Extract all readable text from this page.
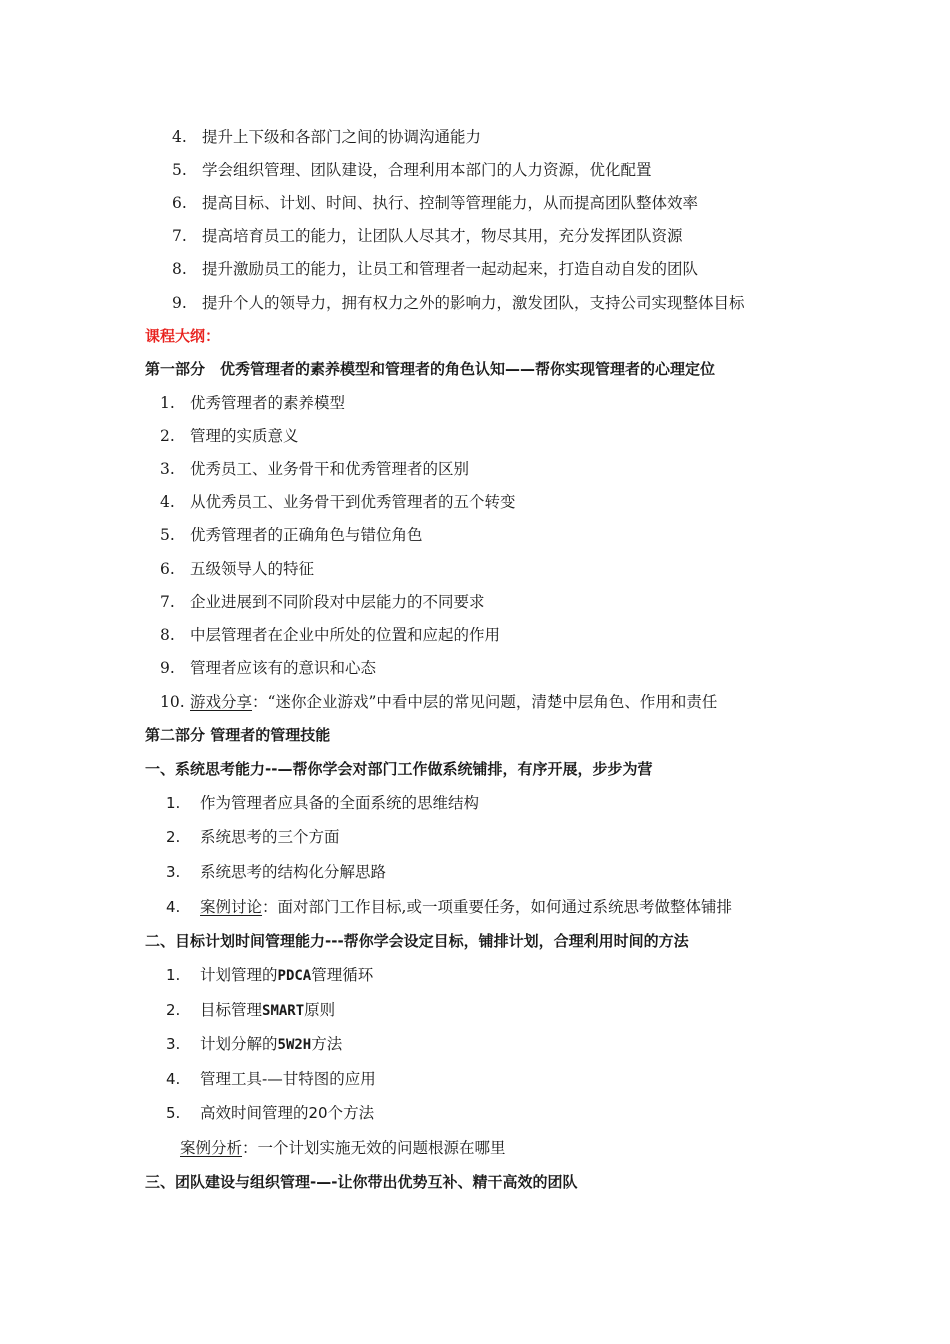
4. 提升上下级和各部门之间的协调沟通能力
5. 学会组织管理、团队建设，合理利用本部门的人力资源，优化配置
6. 提高目标、计划、时间、执行、控制等管理能力，从而提高团队整体效率
7. 提高培育员工的能力，让团队人尽其才，物尽其用，充分发挥团队资源
8. 提升激励员工的能力，让员工和管理者一起动起来，打造自动自发的团队
9. 提升个人的领导力，拥有权力之外的影响力，激发团队，支持公司实现整体目标
课程大纲：
第一部分　优秀管理者的素养模型和管理者的角色认知——帮你实现管理者的心理定位
1. 优秀管理者的素养模型
2. 管理的实质意义
3. 优秀员工、业务骨干和优秀管理者的区别
4. 从优秀员工、业务骨干到优秀管理者的五个转变
5. 优秀管理者的正确角色与错位角色
6. 五级领导人的特征
7. 企业进展到不同阶段对中层能力的不同要求
8. 中层管理者在企业中所处的位置和应起的作用
9. 管理者应该有的意识和心态
10. 游戏分享：“迷你企业游戏”中看中层的常见问题，清楚中层角色、作用和责任
第二部分 管理者的管理技能
一、系统思考能力--—帮你学会对部门工作做系统铺排，有序开展，步步为营
1. 作为管理者应具备的全面系统的思维结构
2. 系统思考的三个方面
3. 系统思考的结构化分解思路
4. 案例讨论：面对部门工作目标,或一项重要任务，如何通过系统思考做整体铺排
二、目标计划时间管理能力---帮你学会设定目标，铺排计划，合理利用时间的方法
1. 计划管理的PDCA管理循环
2. 目标管理SMART原则
3. 计划分解的5W2H方法
4. 管理工具-—甘特图的应用
5. 高效时间管理的20个方法
案例分析：一个计划实施无效的问题根源在哪里
三、团队建设与组织管理-—-让你带出优势互补、精干高效的团队
